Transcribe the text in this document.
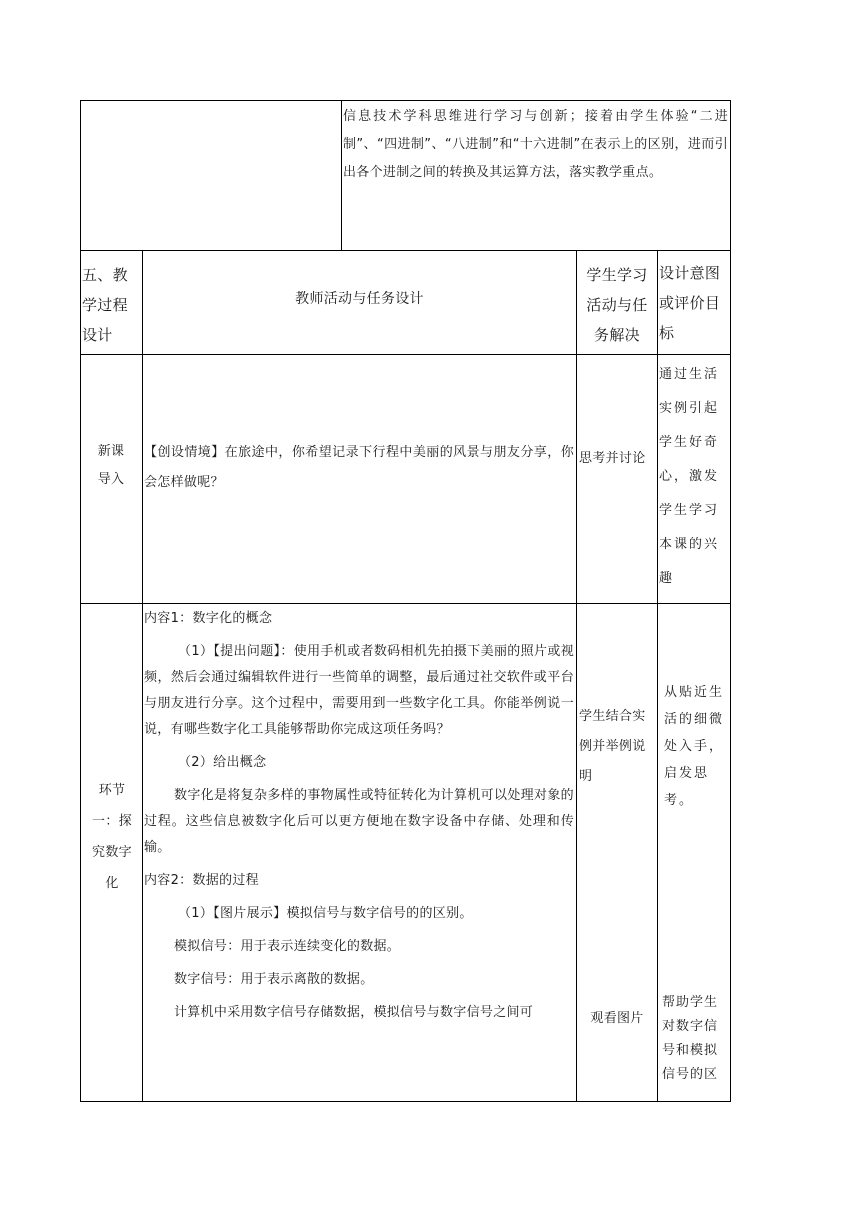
信息技术学科思维进行学习与创新；接着由学生体验“二进制”、“四进制”、“八进制”和“十六进制”在表示上的区别，进而引出各个进制之间的转换及其运算方法，落实教学重点。
五、教学过程设计
教师活动与任务设计
学生学习活动与任务解决
设计意图或评价目标
新课导入
【创设情境】在旅途中，你希望记录下行程中美丽的风景与朋友分享，你会怎样做呢？
思考并讨论
通过生活实例引起学生好奇心，激发学生学习本课的兴趣
环节一：探究数字化

内容1：数字化的概念

（1）【提出问题】：使用手机或者数码相机先拍摄下美丽的照片或视频，然后会通过编辑软件进行一些简单的调整，最后通过社交软件或平台与朋友进行分享。这个过程中，需要用到一些数字化工具。你能举例说一说，有哪些数字化工具能够帮助你完成这项任务吗？

（2）给出概念

数字化是将复杂多样的事物属性或特征转化为计算机可以处理对象的过程。这些信息被数字化后可以更方便地在数字设备中存储、处理和传输。

内容2：数据的过程

（1）【图片展示】模拟信号与数字信号的的区别。

模拟信号：用于表示连续变化的数据。

数字信号：用于表示离散的数据。

计算机中采用数字信号存储数据，模拟信号与数字信号之间可

学生结合实例并举例说明
从贴近生活的细微处入手，启发思考。
观看图片
帮助学生对数字信号和模拟信号的区
